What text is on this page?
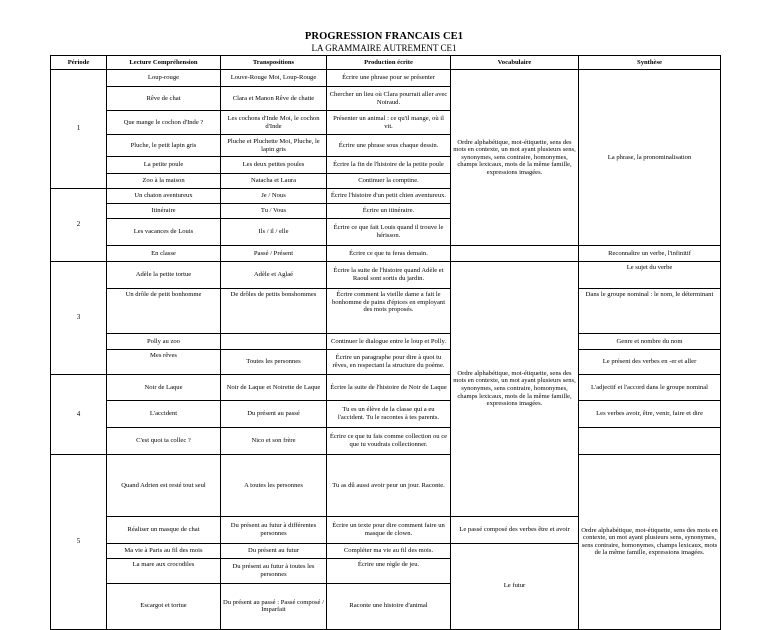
PROGRESSION FRANCAIS CE1
LA GRAMMAIRE AUTREMENT CE1
Période	Lecture Compréhension	Transpositions	Production écrite	Vocabulaire	Synthèse	
1	Loup-rouge	Louve-Rouge Moi, Loup-Rouge	Écrire une phrase pour se présenter	Ordre alphabétique, mot-étiquette, sens des mots en contexte, un mot ayant plusieurs sens, synonymes, sens contraire, homonymes, champs lexicaux, mots de la même famille, expressions imagées.	La phrase, la pronominalisation	
	Rêve de chat	Clara et Manon Rêve de chatte	Chercher un lieu où Clara pourrait aller avec Noiraud.			
	Que mange le cochon d'Inde ?	Les cochons d'Inde Moi, le cochon d'Inde	Présenter un animal : ce qu'il mange, où il vit.			
	Pluche, le petit lapin gris	Pluche et Pluchette Moi, Pluche, le lapin gris	Écrire une phrase sous chaque dessin.			
	La petite poule	Les deux petites poules	Écrire la fin de l'histoire de la petite poule			
	Zoo à la maison	Natacha et Laura	Continuer la comptine.			
2	Un chaton aventureux	Je / Nous	Écrire l'histoire d'un petit chien aventureux.			
	Itinéraire	Tu / Vous	Écrire un itinéraire.			
	Les vacances de Louis	Ils / il / elle	Écrire ce que fait Louis quand il trouve le hérisson.			
	En classe	Passé / Présent	Écrire ce que tu feras demain.		Reconnaître un verbe, l'infinitif	
3	Adèle la petite tortue	Adèle et Aglaé	Écrire la suite de l'histoire quand Adèle et Raoul sont sortis du jardin.	Ordre alphabétique, mot-étiquette, sens des mots en contexte, un mot ayant plusieurs sens, synonymes, sens contraire, homonymes, champs lexicaux, mots de la même famille, expressions imagées.	Le sujet du verbe	
	Un drôle de petit bonhomme	De drôles de petits bonshommes	Écrire comment la vieille dame a fait le bonhomme de pains d'épices en employant des mots proposés.		Dans le groupe nominal : le nom, le déterminant	
	Polly au zoo		Continuer le dialogue entre le loup et Polly.		Genre et nombre du nom	
	Mes rêves	Toutes les personnes	Écrire un paragraphe pour dire à quoi tu rêves, en respectant la structure du poème.		Le présent des verbes en -er et aller	
4	Noir de Laque	Noir de Laque et Noirette de Laque	Écrire la suite de l'histoire de Noir de Laque		L'adjectif et l'accord dans le groupe nominal	
	L'accident	Du présent au passé	Tu es un élève de la classe qui a eu l'accident. Tu le racontes à tes parents.		Les verbes avoir, être, venir, faire et dire	
	C'est quoi ta collec ?	Nico et son frère	Écrire ce que tu fais comme collection ou ce que tu voudrais collectionner.			
5	Quand Adrien est resté tout seul	A toutes les personnes	Tu as dû aussi avoir peur un jour. Raconte.		Ordre alphabétique, mot-étiquette, sens des mots en contexte, un mot ayant plusieurs sens, synonymes, sens contraire, homonymes, champs lexicaux, mots de la même famille, expressions imagées.	
	Réaliser un masque de chat	Du présent au futur à différentes personnes	Écrire un texte pour dire comment faire un masque de clown.	Le passé composé des verbes être et avoir		
	Ma vie à Paris au fil des mois	Du présent au futur	Compléter ma vie au fil des mois.	Le futur		
	La mare aux crocodiles	Du présent au futur à toutes les personnes	Écrire une règle de jeu.			
	Escargot et tortue	Du présent au passé : Passé composé / Imparfait	Raconte une histoire d'animal			
